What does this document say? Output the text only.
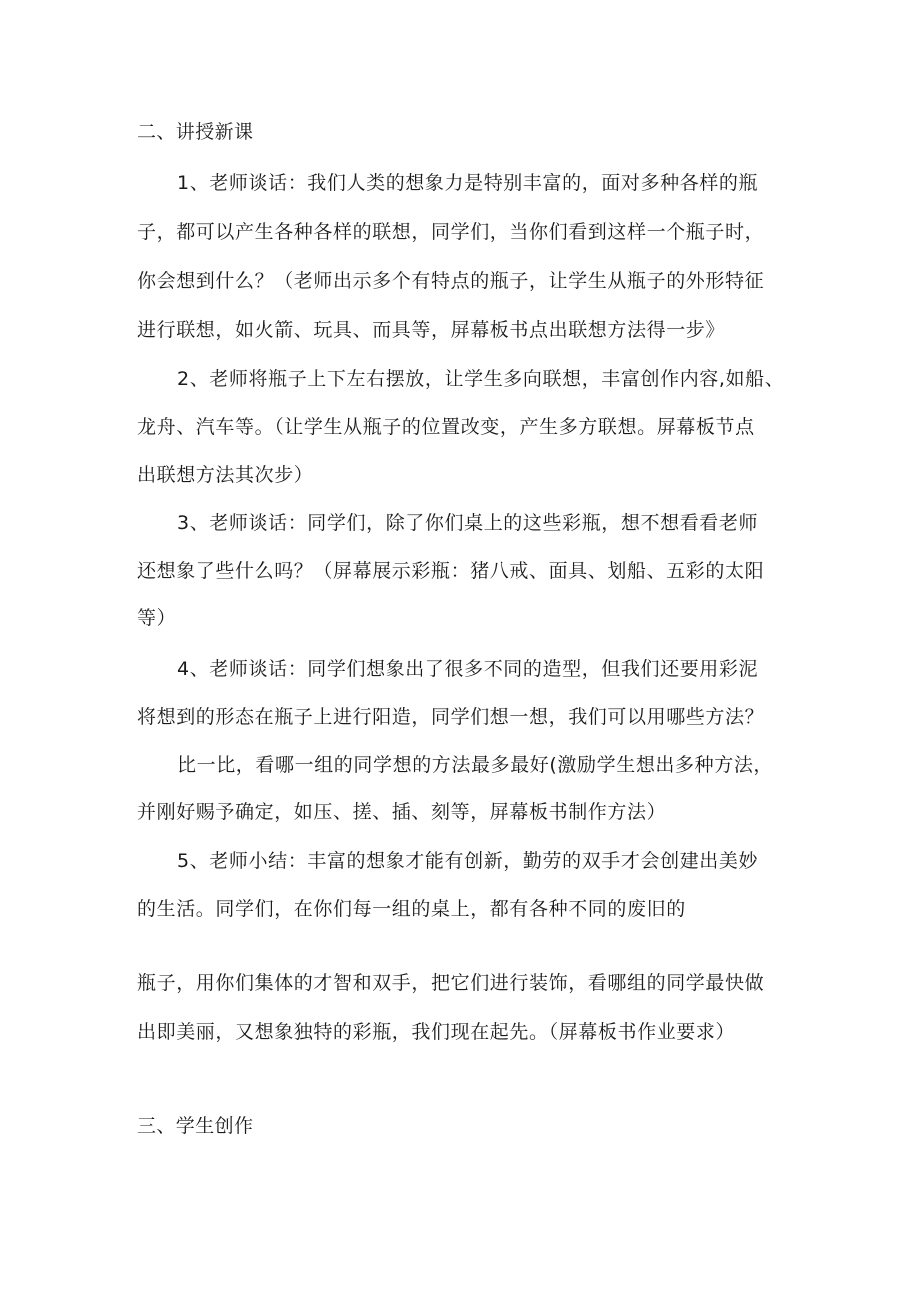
二、讲授新课
1、老师谈话：我们人类的想象力是特别丰富的，面对多种各样的瓶
子，都可以产生各种各样的联想，同学们，当你们看到这样一个瓶子时，
你会想到什么？（老师出示多个有特点的瓶子，让学生从瓶子的外形特征
进行联想，如火箭、玩具、而具等，屏幕板书点出联想方法得一步》
2、老师将瓶子上下左右摆放，让学生多向联想，丰富创作内容,如船、
龙舟、汽车等。（让学生从瓶子的位置改变，产生多方联想。屏幕板节点
出联想方法其次步）
3、老师谈话：同学们，除了你们桌上的这些彩瓶，想不想看看老师
还想象了些什么吗？（屏幕展示彩瓶：猪八戒、面具、划船、五彩的太阳
等）
4、老师谈话：同学们想象出了很多不同的造型，但我们还要用彩泥
将想到的形态在瓶子上进行阳造，同学们想一想，我们可以用哪些方法？
比一比，看哪一组的同学想的方法最多最好(激励学生想出多种方法，
并刚好赐予确定，如压、搓、插、刻等，屏幕板书制作方法）
5、老师小结：丰富的想象才能有创新，勤劳的双手才会创建出美妙
的生活。同学们，在你们每一组的桌上，都有各种不同的废旧的
瓶子，用你们集体的才智和双手，把它们进行装饰，看哪组的同学最快做
出即美丽，又想象独特的彩瓶，我们现在起先。（屏幕板书作业要求）
三、学生创作
